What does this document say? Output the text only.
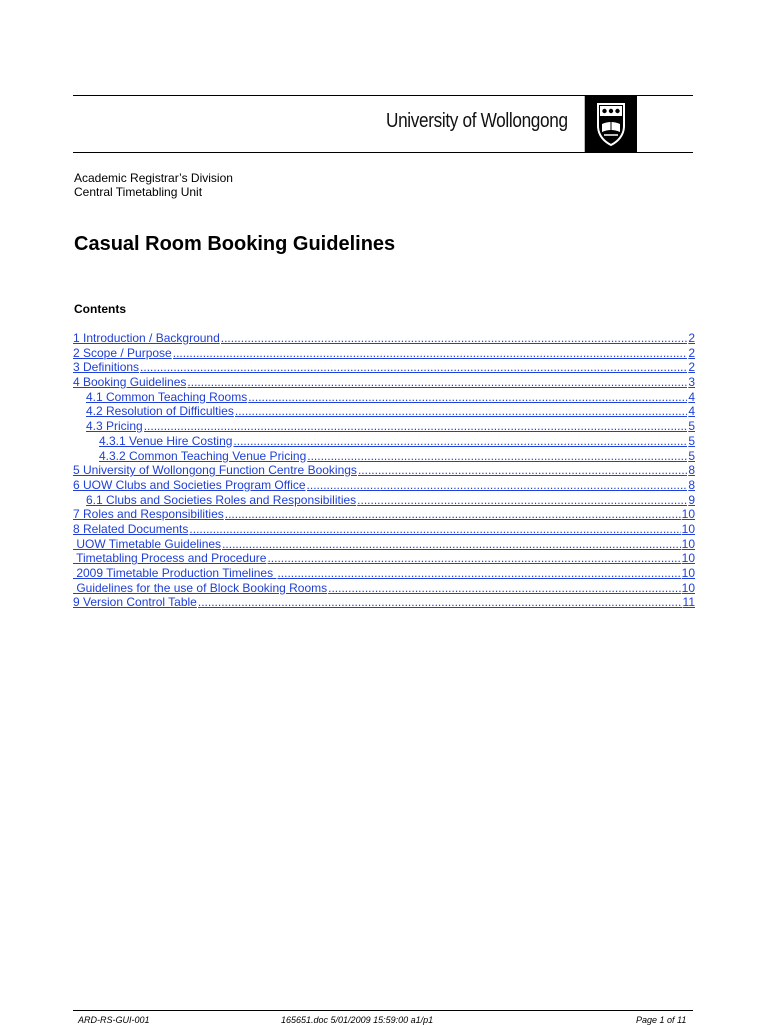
University of Wollongong
Academic Registrar’s Division
Central Timetabling Unit
Casual Room Booking Guidelines
Contents
1 Introduction / Background .....	2
2 Scope / Purpose .....	2
3 Definitions .....	2
4 Booking Guidelines .....	3
4.1 Common Teaching Rooms .....	4
4.2 Resolution of Difficulties .....	4
4.3 Pricing .....	5
4.3.1 Venue Hire Costing .....	5
4.3.2 Common Teaching Venue Pricing .....	5
5 University of Wollongong Function Centre Bookings .....	8
6 UOW Clubs and Societies Program Office .....	8
6.1 Clubs and Societies Roles and Responsibilities .....	9
7 Roles and Responsibilities .....	10
8 Related Documents .....	10
UOW Timetable Guidelines .....	10
Timetabling Process and Procedure .....	10
2009 Timetable Production Timelines .....	10
Guidelines for the use of Block Booking Rooms .....	10
9 Version Control Table .....	11
ARD-RS-GUI-001	165651.doc 5/01/2009 15:59:00 a1/p1	Page 1 of 11
